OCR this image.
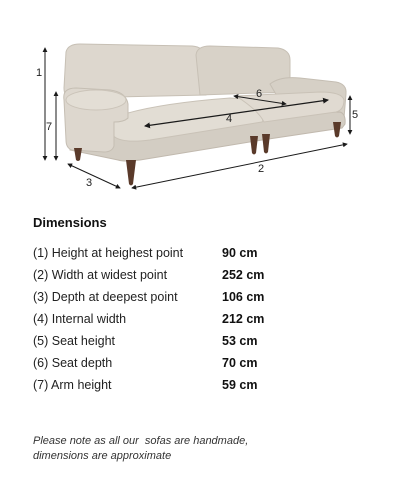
1
2
3
4	5
6
7
Dimensions
(1) Height at heighest point	90 cm
(2) Width at widest point	252 cm
(3) Depth at deepest point	106 cm
(4) Internal width	212 cm
(5) Seat height	53 cm
(6) Seat depth	70 cm
(7) Arm height	59 cm
Please note as all our  sofas are handmade,
dimensions are approximate
